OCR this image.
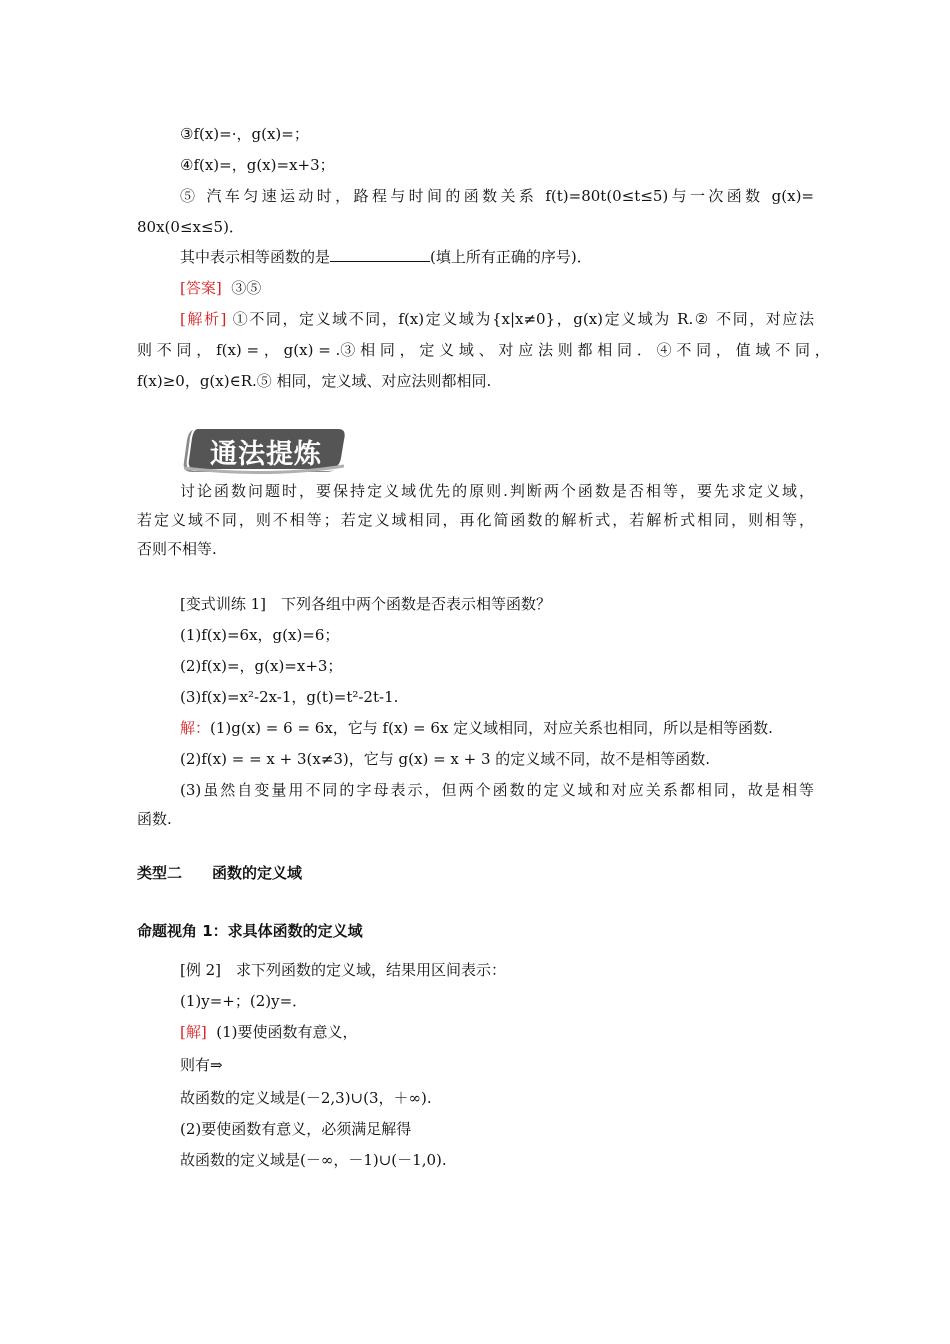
③f(x)=·，g(x)=；
④f(x)=，g(x)=x+3；
⑤ 汽车匀速运动时，路程与时间的函数关系 f(t)=80t(0≤t≤5)与一次函数 g(x)=
80x(0≤x≤5)．
其中表示相等函数的是	(填上所有正确的序号)．
[答案] ③⑤
[解析] ①不同，定义域不同，f(x)定义域为{x|x≠0}，g(x)定义域为 R.② 不同，对应法
则 不 同 ， f(x) = ， g(x) = .③ 相 同 ， 定 义 域 、 对 应 法 则 都 相 同 ． ④ 不 同 ， 值 域 不 同 ，
f(x)≥0，g(x)∈R.⑤ 相同，定义域、对应法则都相同.
通法提炼
讨论函数问题时，要保持定义域优先的原则.判断两个函数是否相等，要先求定义域，
若定义域不同，则不相等；若定义域相同，再化简函数的解析式，若解析式相同，则相等，
否则不相等.
[变式训练 1]　下列各组中两个函数是否表示相等函数？
(1)f(x)=6x，g(x)=6；
(2)f(x)=，g(x)=x+3；
(3)f(x)=x²-2x-1，g(t)=t²-2t-1.
解：(1)g(x) = 6 = 6x，它与 f(x) = 6x 定义域相同，对应关系也相同，所以是相等函数.
(2)f(x) = = x + 3(x≠3)，它与 g(x) = x + 3 的定义域不同，故不是相等函数.
(3)虽然自变量用不同的字母表示，但两个函数的定义域和对应关系都相同，故是相等
函数.
类型二　　函数的定义域
命题视角 1：求具体函数的定义域
[例 2]　求下列函数的定义域，结果用区间表示：
(1)y=+；(2)y=．
[解] (1)要使函数有意义，
则有⇒
故函数的定义域是(－2,3)∪(3，＋∞).
(2)要使函数有意义，必须满足解得
故函数的定义域是(－∞，－1)∪(－1,0).
